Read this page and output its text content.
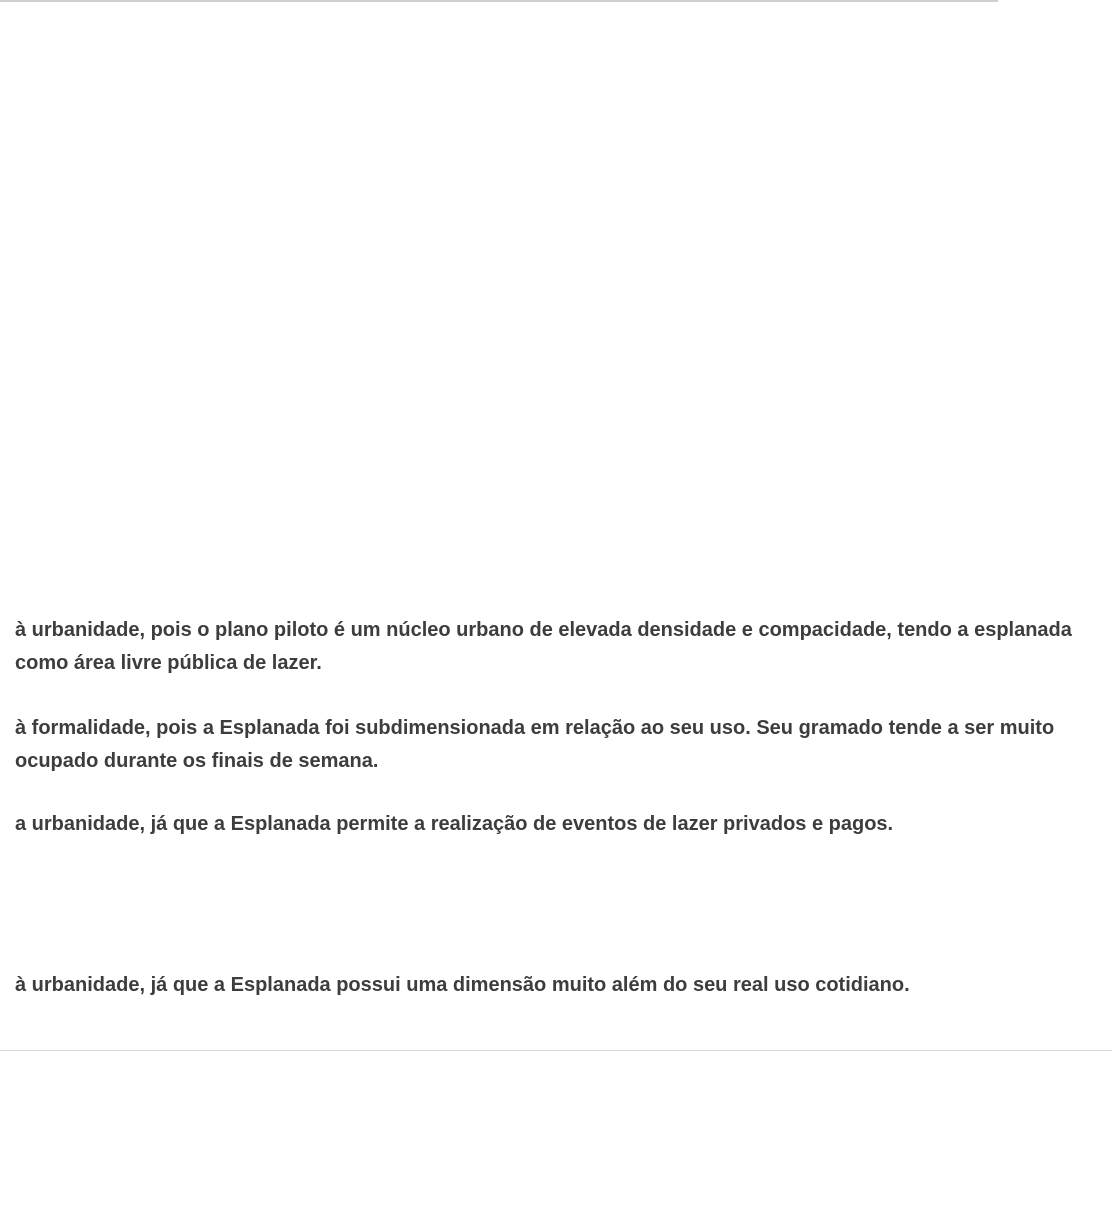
à urbanidade, pois o plano piloto é um núcleo urbano de elevada densidade e compacidade, tendo a esplanada como área livre pública de lazer.

à formalidade, pois a Esplanada foi subdimensionada em relação ao seu uso. Seu gramado tende a ser muito ocupado durante os finais de semana.

a urbanidade, já que a Esplanada permite a realização de eventos de lazer privados e pagos.

à urbanidade, já que a Esplanada possui uma dimensão muito além do seu real uso cotidiano.
